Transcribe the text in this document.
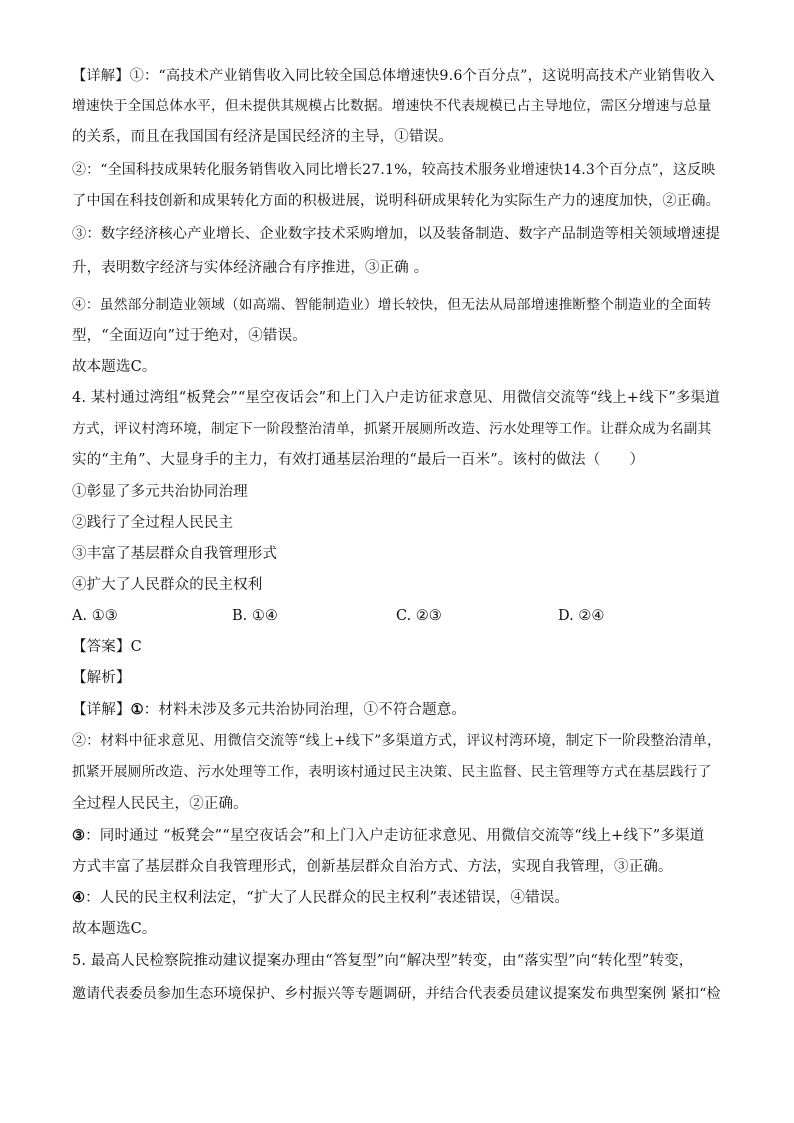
【详解】①：“高技术产业销售收入同比较全国总体增速快9.6个百分点”，这说明高技术产业销售收入
增速快于全国总体水平，但未提供其规模占比数据。增速快不代表规模已占主导地位，需区分增速与总量
的关系，而且在我国国有经济是国民经济的主导，①错误。
②：“全国科技成果转化服务销售收入同比增长27.1%，较高技术服务业增速快14.3个百分点”，这反映
了中国在科技创新和成果转化方面的积极进展，说明科研成果转化为实际生产力的速度加快，②正确。
③：数字经济核心产业增长、企业数字技术采购增加，以及装备制造、数字产品制造等相关领域增速提
升，表明数字经济与实体经济融合有序推进，③正确 。
④：虽然部分制造业领域（如高端、智能制造业）增长较快，但无法从局部增速推断整个制造业的全面转
型，“全面迈向”过于绝对，④错误。
故本题选C。
4. 某村通过湾组“板凳会”“星空夜话会”和上门入户走访征求意见、用微信交流等“线上+线下”多渠道
方式，评议村湾环境，制定下一阶段整治清单，抓紧开展厕所改造、污水处理等工作。让群众成为名副其
实的“主角”、大显身手的主力，有效打通基层治理的“最后一百米”。该村的做法（　　）
①彰显了多元共治协同治理
②践行了全过程人民民主
③丰富了基层群众自我管理形式
④扩大了人民群众的民主权利
A. ①③	B. ①④	C. ②③	D. ②④
【答案】C
【解析】
【详解】①：材料未涉及多元共治协同治理，①不符合题意。
②：材料中征求意见、用微信交流等“线上+线下”多渠道方式，评议村湾环境，制定下一阶段整治清单，
抓紧开展厕所改造、污水处理等工作，表明该村通过民主决策、民主监督、民主管理等方式在基层践行了
全过程人民民主，②正确。
③：同时通过 “板凳会”“星空夜话会”和上门入户走访征求意见、用微信交流等“线上+线下”多渠道
方式丰富了基层群众自我管理形式，创新基层群众自治方式、方法，实现自我管理，③正确。
④：人民的民主权利法定，“扩大了人民群众的民主权利”表述错误，④错误。
故本题选C。
5. 最高人民检察院推动建议提案办理由“答复型”向“解决型”转变，由“落实型”向“转化型”转变，
邀请代表委员参加生态环境保护、乡村振兴等专题调研，并结合代表委员建议提案发布典型案例 紧扣“检
